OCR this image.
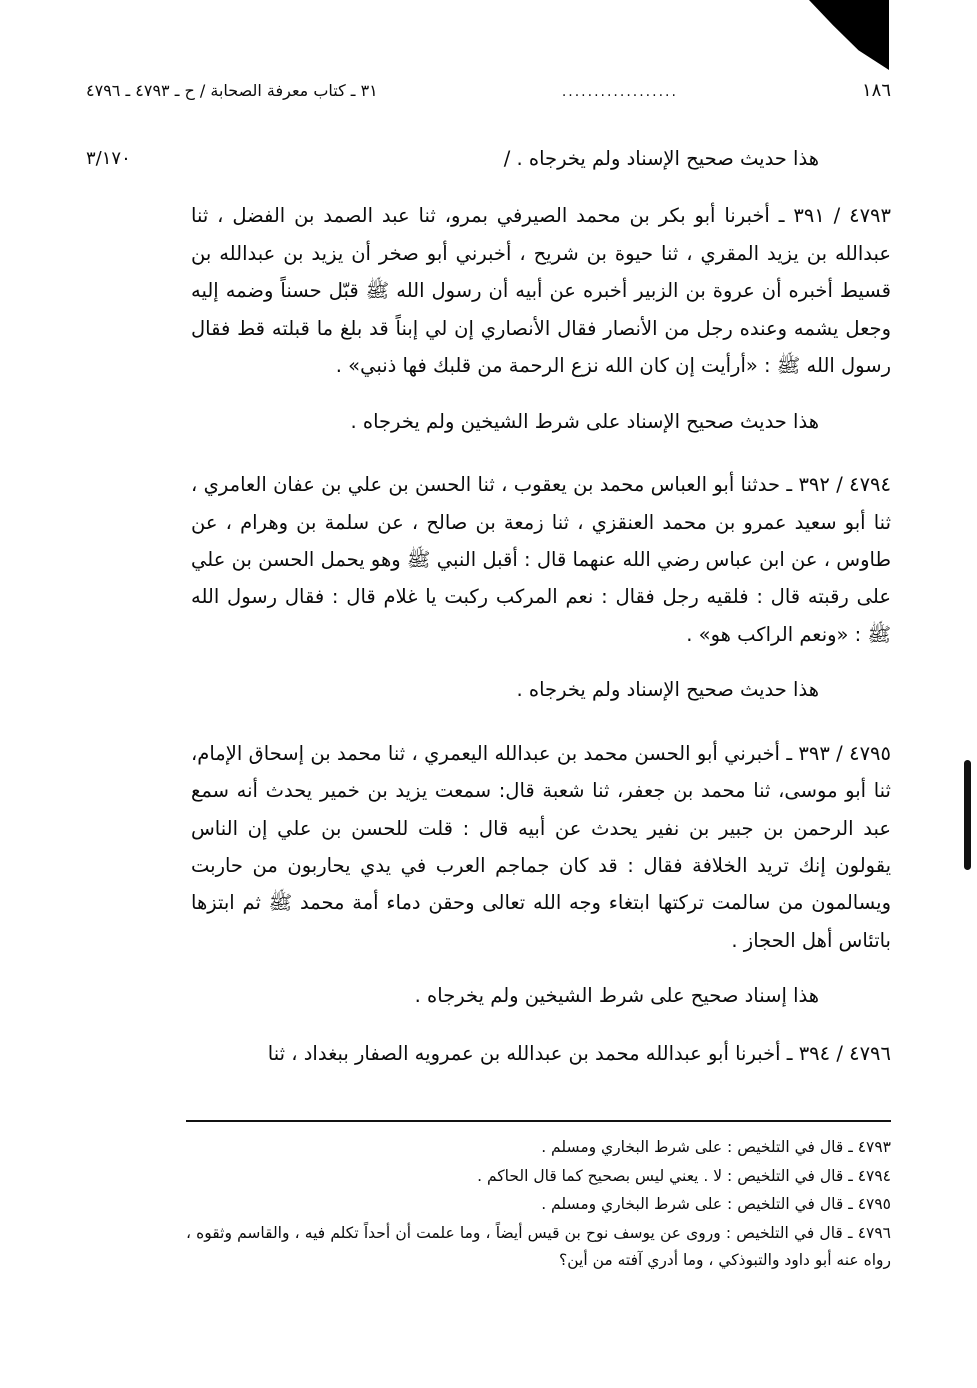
١٨٦
..................
٣١ ـ كتاب معرفة الصحابة / ح ـ ٤٧٩٣ ـ ٤٧٩٦
٣/١٧٠	هذا حديث صحيح الإسناد ولم يخرجاه . /

٤٧٩٣ / ٣٩١ ـ أخبرنا أبو بكر بن محمد الصيرفي بمرو، ثنا عبد الصمد بن الفضل ، ثنا عبدالله بن يزيد المقري ، ثنا حيوة بن شريح ، أخبرني أبو صخر أن يزيد بن عبدالله بن قسيط أخبره أن عروة بن الزبير أخبره عن أبيه أن رسول الله ﷺ قبّل حسناً وضمه إليه وجعل يشمه وعنده رجل من الأنصار فقال الأنصاري إن لي إبناً قد بلغ ما قبلته قط فقال رسول الله ﷺ : «أرأيت إن كان الله نزع الرحمة من قلبك فها ذنبي» .

هذا حديث صحيح الإسناد على شرط الشيخين ولم يخرجاه .

٤٧٩٤ / ٣٩٢ ـ حدثنا أبو العباس محمد بن يعقوب ، ثنا الحسن بن علي بن عفان العامري ، ثنا أبو سعيد عمرو بن محمد العنقزي ، ثنا زمعة بن صالح ، عن سلمة بن وهرام ، عن طاوس ، عن ابن عباس رضي الله عنهما قال : أقبل النبي ﷺ وهو يحمل الحسن بن علي على رقبته قال : فلقيه رجل فقال : نعم المركب ركبت يا غلام قال : فقال رسول الله ﷺ : «ونعم الراكب هو» .

هذا حديث صحيح الإسناد ولم يخرجاه .

٤٧٩٥ / ٣٩٣ ـ أخبرني أبو الحسن محمد بن عبدالله اليعمري ، ثنا محمد بن إسحاق الإمام، ثنا أبو موسى، ثنا محمد بن جعفر، ثنا شعبة قال: سمعت يزيد بن خمير يحدث أنه سمع عبد الرحمن بن جبير بن نفير يحدث عن أبيه قال : قلت للحسن بن علي إن الناس يقولون إنك تريد الخلافة فقال : قد كان جماجم العرب في يدي يحاربون من حاربت ويسالمون من سالمت تركتها ابتغاء وجه الله تعالى وحقن دماء أمة محمد ﷺ ثم ابتزها باتئاس أهل الحجاز .

هذا إسناد صحيح على شرط الشيخين ولم يخرجاه .

٤٧٩٦ / ٣٩٤ ـ أخبرنا أبو عبدالله محمد بن عبدالله بن عمرويه الصفار ببغداد ، ثنا

٤٧٩٣ ـ قال في التلخيص : على شرط البخاري ومسلم .

٤٧٩٤ ـ قال في التلخيص : لا . يعني ليس بصحيح كما قال الحاكم .

٤٧٩٥ ـ قال في التلخيص : على شرط البخاري ومسلم .

٤٧٩٦ ـ قال في التلخيص : وروى عن يوسف نوح بن قيس أيضاً ، وما علمت أن أحداً تكلم فيه ، والقاسم وثقوه ، رواه عنه أبو داود والتبوذكي ، وما أدري آفته من أين؟
